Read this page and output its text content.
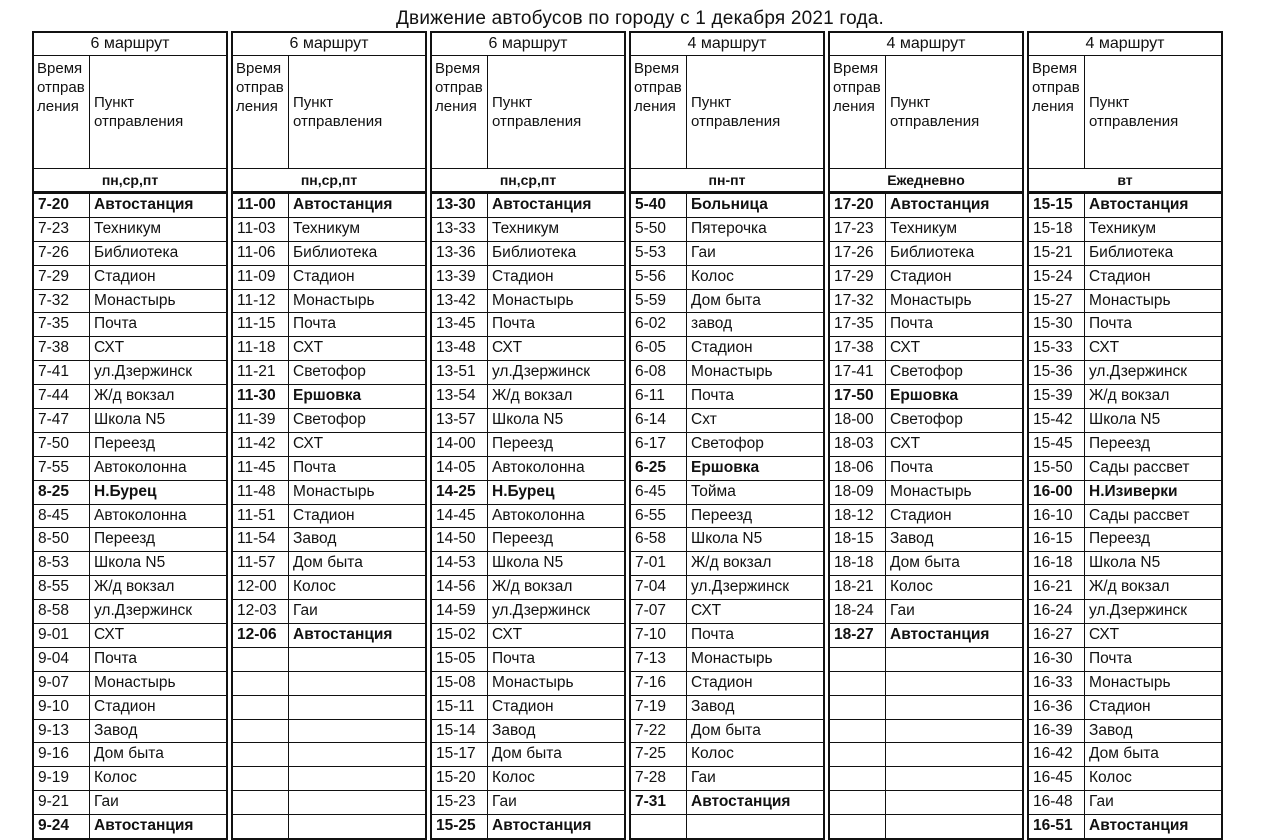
Движение автобусов по городу с 1 декабря 2021 года.
6 маршрут
Время отправления	Пункт отправления
пн,ср,пт
7-20	Автостанция
7-23	Техникум
7-26	Библиотека
7-29	Стадион
7-32	Монастырь
7-35	Почта
7-38	СХТ
7-41	ул.Дзержинск
7-44	Ж/д вокзал
7-47	Школа N5
7-50	Переезд
7-55	Автоколонна
8-25	Н.Бурец
8-45	Автоколонна
8-50	Переезд
8-53	Школа N5
8-55	Ж/д вокзал
8-58	ул.Дзержинск
9-01	СХТ
9-04	Почта
9-07	Монастырь
9-10	Стадион
9-13	Завод
9-16	Дом быта
9-19	Колос
9-21	Гаи
9-24	Автостанция
6 маршрут
Время отправления	Пункт отправления
пн,ср,пт
11-00	Автостанция
11-03	Техникум
11-06	Библиотека
11-09	Стадион
11-12	Монастырь
11-15	Почта
11-18	СХТ
11-21	Светофор
11-30	Ершовка
11-39	Светофор
11-42	СХТ
11-45	Почта
11-48	Монастырь
11-51	Стадион
11-54	Завод
11-57	Дом быта
12-00	Колос
12-03	Гаи
12-06	Автостанция
6 маршрут
Время отправления	Пункт отправления
пн,ср,пт
13-30	Автостанция
13-33	Техникум
13-36	Библиотека
13-39	Стадион
13-42	Монастырь
13-45	Почта
13-48	СХТ
13-51	ул.Дзержинск
13-54	Ж/д вокзал
13-57	Школа N5
14-00	Переезд
14-05	Автоколонна
14-25	Н.Бурец
14-45	Автоколонна
14-50	Переезд
14-53	Школа N5
14-56	Ж/д вокзал
14-59	ул.Дзержинск
15-02	СХТ
15-05	Почта
15-08	Монастырь
15-11	Стадион
15-14	Завод
15-17	Дом быта
15-20	Колос
15-23	Гаи
15-25	Автостанция
4 маршрут
Время отправления	Пункт отправления
пн-пт
5-40	Больница
5-50	Пятерочка
5-53	Гаи
5-56	Колос
5-59	Дом быта
6-02	завод
6-05	Стадион
6-08	Монастырь
6-11	Почта
6-14	Схт
6-17	Светофор
6-25	Ершовка
6-45	Тойма
6-55	Переезд
6-58	Школа N5
7-01	Ж/д вокзал
7-04	ул.Дзержинск
7-07	СХТ
7-10	Почта
7-13	Монастырь
7-16	Стадион
7-19	Завод
7-22	Дом быта
7-25	Колос
7-28	Гаи
7-31	Автостанция
4 маршрут
Время отправления	Пункт отправления
Ежедневно
17-20	Автостанция
17-23	Техникум
17-26	Библиотека
17-29	Стадион
17-32	Монастырь
17-35	Почта
17-38	СХТ
17-41	Светофор
17-50	Ершовка
18-00	Светофор
18-03	СХТ
18-06	Почта
18-09	Монастырь
18-12	Стадион
18-15	Завод
18-18	Дом быта
18-21	Колос
18-24	Гаи
18-27	Автостанция
4 маршрут
Время отправления	Пункт отправления
вт
15-15	Автостанция
15-18	Техникум
15-21	Библиотека
15-24	Стадион
15-27	Монастырь
15-30	Почта
15-33	СХТ
15-36	ул.Дзержинск
15-39	Ж/д вокзал
15-42	Школа N5
15-45	Переезд
15-50	Сады рассвет
16-00	Н.Изиверки
16-10	Сады рассвет
16-15	Переезд
16-18	Школа N5
16-21	Ж/д вокзал
16-24	ул.Дзержинск
16-27	СХТ
16-30	Почта
16-33	Монастырь
16-36	Стадион
16-39	Завод
16-42	Дом быта
16-45	Колос
16-48	Гаи
16-51	Автостанция
